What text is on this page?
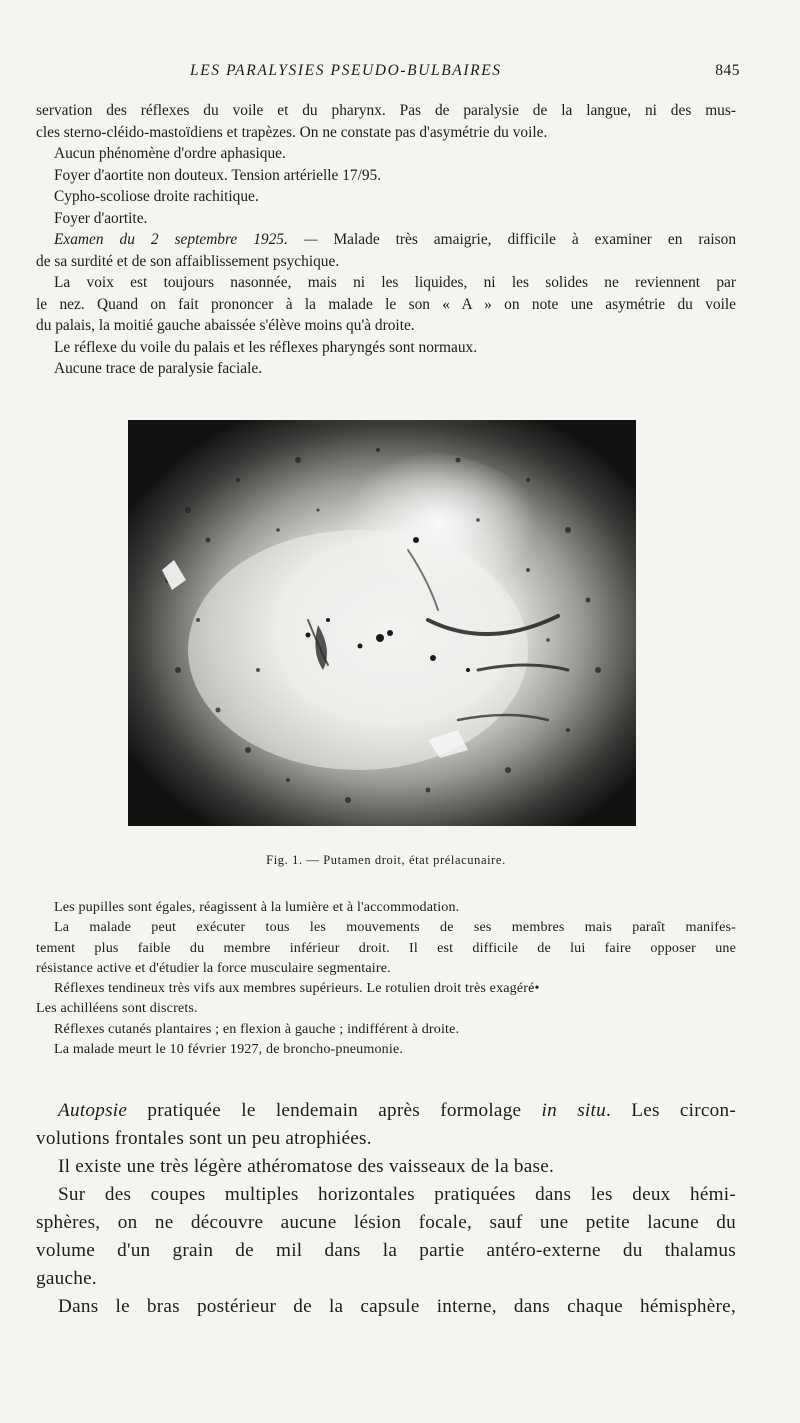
LES PARALYSIES PSEUDO-BULBAIRES	845

servation des réflexes du voile et du pharynx. Pas de paralysie de la langue, ni des mus-

cles sterno-cléido-mastoïdiens et trapèzes. On ne constate pas d'asymétrie du voile.

Aucun phénomène d'ordre aphasique.

Foyer d'aortite non douteux. Tension artérielle 17/95.

Cypho-scoliose droite rachitique.

Foyer d'aortite.

Examen du 2 septembre 1925. — Malade très amaigrie, difficile à examiner en raison

de sa surdité et de son affaiblissement psychique.

La voix est toujours nasonnée, mais ni les liquides, ni les solides ne reviennent par

le nez. Quand on fait prononcer à la malade le son « A » on note une asymétrie du voile

du palais, la moitié gauche abaissée s'élève moins qu'à droite.

Le réflexe du voile du palais et les réflexes pharyngés sont normaux.

Aucune trace de paralysie faciale.

Fig. 1. — Putamen droit, état prélacunaire.

Les pupilles sont égales, réagissent à la lumière et à l'accommodation.

La malade peut exécuter tous les mouvements de ses membres mais paraît manifes-

tement plus faible du membre inférieur droit. Il est difficile de lui faire opposer une

résistance active et d'étudier la force musculaire segmentaire.

Réflexes tendineux très vifs aux membres supérieurs. Le rotulien droit très exagéré•

Les achilléens sont discrets.

Réflexes cutanés plantaires ; en flexion à gauche ; indifférent à droite.

La malade meurt le 10 février 1927, de broncho-pneumonie.

Autopsie pratiquée le lendemain après formolage in situ. Les circon-

volutions frontales sont un peu atrophiées.

Il existe une très légère athéromatose des vaisseaux de la base.

Sur des coupes multiples horizontales pratiquées dans les deux hémi-

sphères, on ne découvre aucune lésion focale, sauf une petite lacune du

volume d'un grain de mil dans la partie antéro-externe du thalamus

gauche.

Dans le bras postérieur de la capsule interne, dans chaque hémisphère,
